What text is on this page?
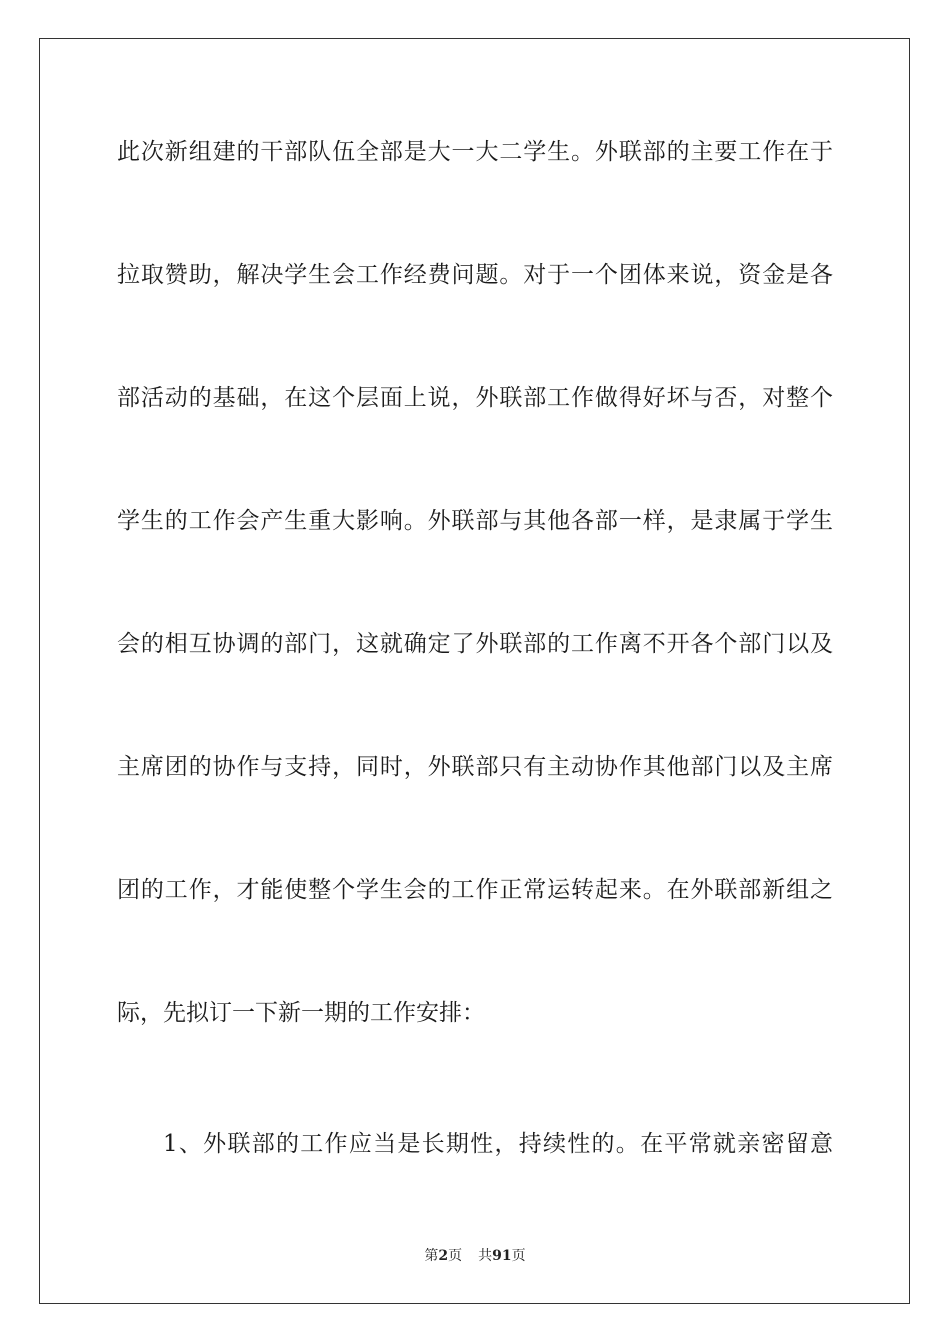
此次新组建的干部队伍全部是大一大二学生。外联部的主要工作在于
拉取赞助，解决学生会工作经费问题。对于一个团体来说，资金是各
部活动的基础，在这个层面上说，外联部工作做得好坏与否，对整个
学生的工作会产生重大影响。外联部与其他各部一样，是隶属于学生
会的相互协调的部门，这就确定了外联部的工作离不开各个部门以及
主席团的协作与支持，同时，外联部只有主动协作其他部门以及主席
团的工作，才能使整个学生会的工作正常运转起来。在外联部新组之
际，先拟订一下新一期的工作安排：
1、外联部的工作应当是长期性，持续性的。在平常就亲密留意
第2页 共91页
